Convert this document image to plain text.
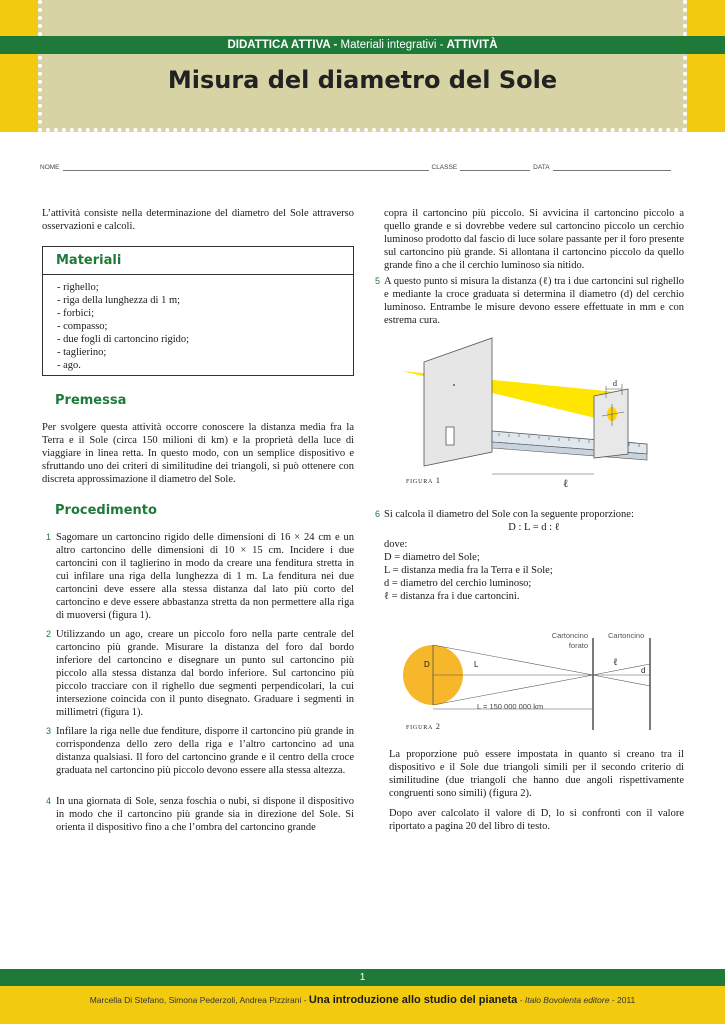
DIDATTICA ATTIVA - Materiali integrativi - ATTIVITÀ
Misura del diametro del Sole
NOME	CLASSE	DATA
L’attività consiste nella determinazione del diametro del Sole attraverso osservazioni e calcoli.
Materiali
- righello;
- riga della lunghezza di 1 m;
- forbici;
- compasso;
- due fogli di cartoncino rigido;
- taglierino;
- ago.
Premessa
Per svolgere questa attività occorre conoscere la distanza media fra la Terra e il Sole (circa 150 milioni di km) e la proprietà della luce di viaggiare in linea retta. In questo modo, con un semplice dispositivo e sfruttando uno dei criteri di similitudine dei triangoli, si può ottenere con discreta approssimazione il diametro del Sole.
Procedimento
1 Sagomare un cartoncino rigido delle dimensioni di 16 × 24 cm e un altro cartoncino delle dimensioni di 10 × 15 cm. Incidere i due cartoncini con il taglierino in modo da creare una fenditura stretta in cui infilare una riga della lunghezza di 1 m. La fenditura nei due cartoncini deve essere alla stessa distanza dal lato più corto del cartoncino e deve essere abbastanza stretta da non permettere alla riga di muoversi (figura 1).
2 Utilizzando un ago, creare un piccolo foro nella parte centrale del cartoncino più grande. Misurare la distanza del foro dal bordo inferiore del cartoncino e disegnare un punto sul cartoncino più piccolo alla stessa distanza dal bordo inferiore. Sul cartoncino più piccolo tracciare con il righello due segmenti perpendicolari, la cui intersezione coincida con il punto disegnato. Graduare i segmenti in millimetri (figura 1).
3 Infilare la riga nelle due fenditure, disporre il cartoncino più grande in corrispondenza dello zero della riga e l’altro cartoncino ad una distanza qualsiasi. Il foro del cartoncino grande e il centro della croce graduata nel cartoncino più piccolo devono essere alla stessa altezza.
4 In una giornata di Sole, senza foschia o nubi, si dispone il dispositivo in modo che il cartoncino più grande sia in direzione del Sole. Si orienta il dispositivo fino a che l’ombra del cartoncino grande
copra il cartoncino più piccolo. Si avvicina il cartoncino piccolo a quello grande e si dovrebbe vedere sul cartoncino piccolo un cerchio luminoso prodotto dal fascio di luce solare passante per il foro presente sul cartoncino più grande. Si allontana il cartoncino piccolo da quello grande fino a che il cerchio luminoso sia nitido.
5 A questo punto si misura la distanza (ℓ) tra i due cartoncini sul righello e mediante la croce graduata si determina il diametro (d) del cerchio luminoso. Entrambe le misure devono essere effettuate in mm e con estrema cura.
d
ℓ
figura 1
6 Si calcola il diametro del Sole con la seguente proporzione:
D : L = d : ℓ
dove:
D = diametro del Sole;
L = distanza media fra la Terra e il Sole;
d = diametro del cerchio luminoso;
ℓ = distanza fra i due cartoncini.
Cartoncino
forato
Cartoncino
D	L	ℓ
d
L = 150 000 000 km
figura 2
La proporzione può essere impostata in quanto si creano tra il dispositivo e il Sole due triangoli simili per il secondo criterio di similitudine (due triangoli che hanno due angoli rispettivamente congruenti sono simili) (figura 2).
Dopo aver calcolato il valore di D, lo si confronti con il valore riportato a pagina 20 del libro di testo.
1
Marcella Di Stefano, Simona Pederzoli, Andrea Pizzirani - Una introduzione allo studio del pianeta - Italo Bovolenta editore - 2011
